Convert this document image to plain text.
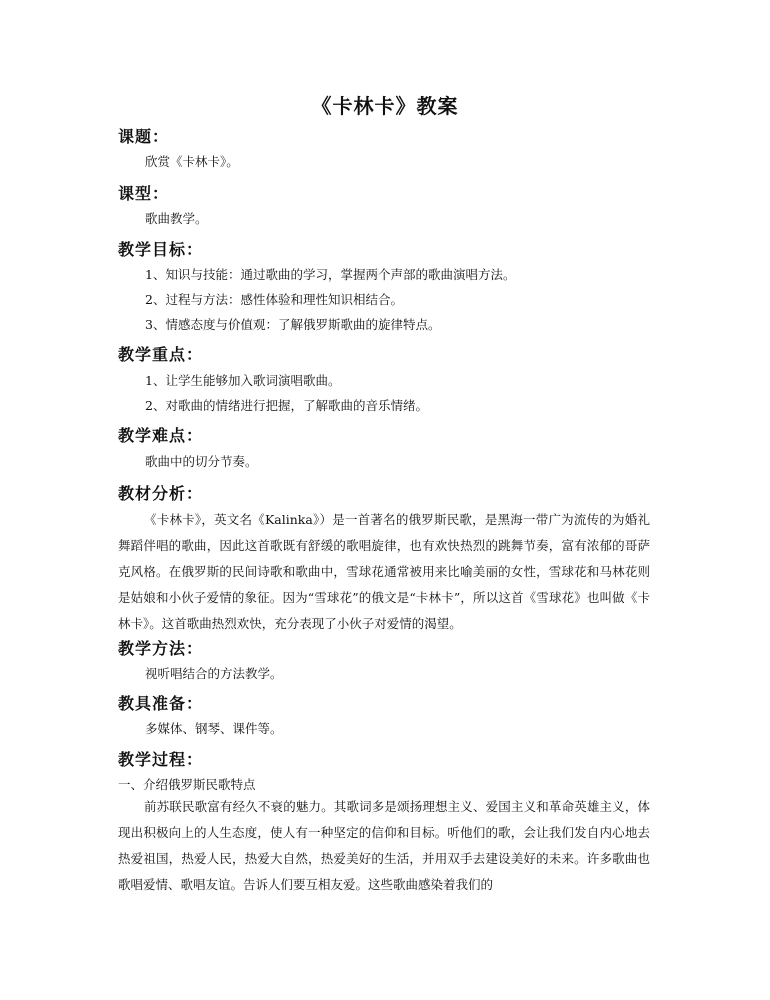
《卡林卡》教案
课题：
欣赏《卡林卡》。
课型：
歌曲教学。
教学目标：
1、知识与技能：通过歌曲的学习，掌握两个声部的歌曲演唱方法。
2、过程与方法：感性体验和理性知识相结合。
3、情感态度与价值观：了解俄罗斯歌曲的旋律特点。
教学重点：
1、让学生能够加入歌词演唱歌曲。
2、对歌曲的情绪进行把握，了解歌曲的音乐情绪。
教学难点：
歌曲中的切分节奏。
教材分析：
《卡林卡》，英文名《Kalinka》）是一首著名的俄罗斯民歌，是黑海一带广为流传的为婚礼舞蹈伴唱的歌曲，因此这首歌既有舒缓的歌唱旋律，也有欢快热烈的跳舞节奏，富有浓郁的哥萨克风格。在俄罗斯的民间诗歌和歌曲中，雪球花通常被用来比喻美丽的女性，雪球花和马林花则是姑娘和小伙子爱情的象征。因为“雪球花”的俄文是“卡林卡”，所以这首《雪球花》也叫做《卡林卡》。这首歌曲热烈欢快，充分表现了小伙子对爱情的渴望。
教学方法：
视听唱结合的方法教学。
教具准备：
多媒体、钢琴、课件等。
教学过程：
一、介绍俄罗斯民歌特点
前苏联民歌富有经久不衰的魅力。其歌词多是颂扬理想主义、爱国主义和革命英雄主义，体现出积极向上的人生态度，使人有一种坚定的信仰和目标。听他们的歌，会让我们发自内心地去热爱祖国，热爱人民，热爱大自然，热爱美好的生活，并用双手去建设美好的未来。许多歌曲也歌唱爱情、歌唱友谊。告诉人们要互相友爱。这些歌曲感染着我们的
